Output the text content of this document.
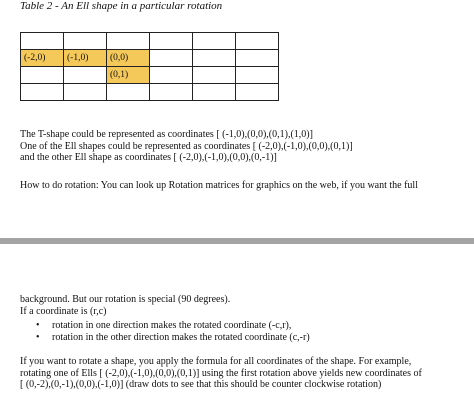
Table 2 - An Ell shape in a particular rotation

(-2,0)	(-1,0)	(0,0)			
		(0,1)			

The T-shape could be represented as coordinates [ (-1,0),(0,0),(0,1),(1,0)]
One of the Ell shapes could be represented as coordinates [ (-2,0),(-1,0),(0,0),(0,1)]
and the other Ell shape as coordinates [ (-2,0),(-1,0),(0,0),(0,-1)]
How to do rotation: You can look up Rotation matrices for graphics on the web, if you want the full
background. But our rotation is special (90 degrees).
If a coordinate is (r,c)
• rotation in one direction makes the rotated coordinate (-c,r),
• rotation in the other direction makes the rotated coordinate (c,-r)
If you want to rotate a shape, you apply the formula for all coordinates of the shape. For example,
rotating one of Ells [ (-2,0),(-1,0),(0,0),(0,1)] using the first rotation above yields new coordinates of
[ (0,-2),(0,-1),(0,0),(-1,0)] (draw dots to see that this should be counter clockwise rotation)
